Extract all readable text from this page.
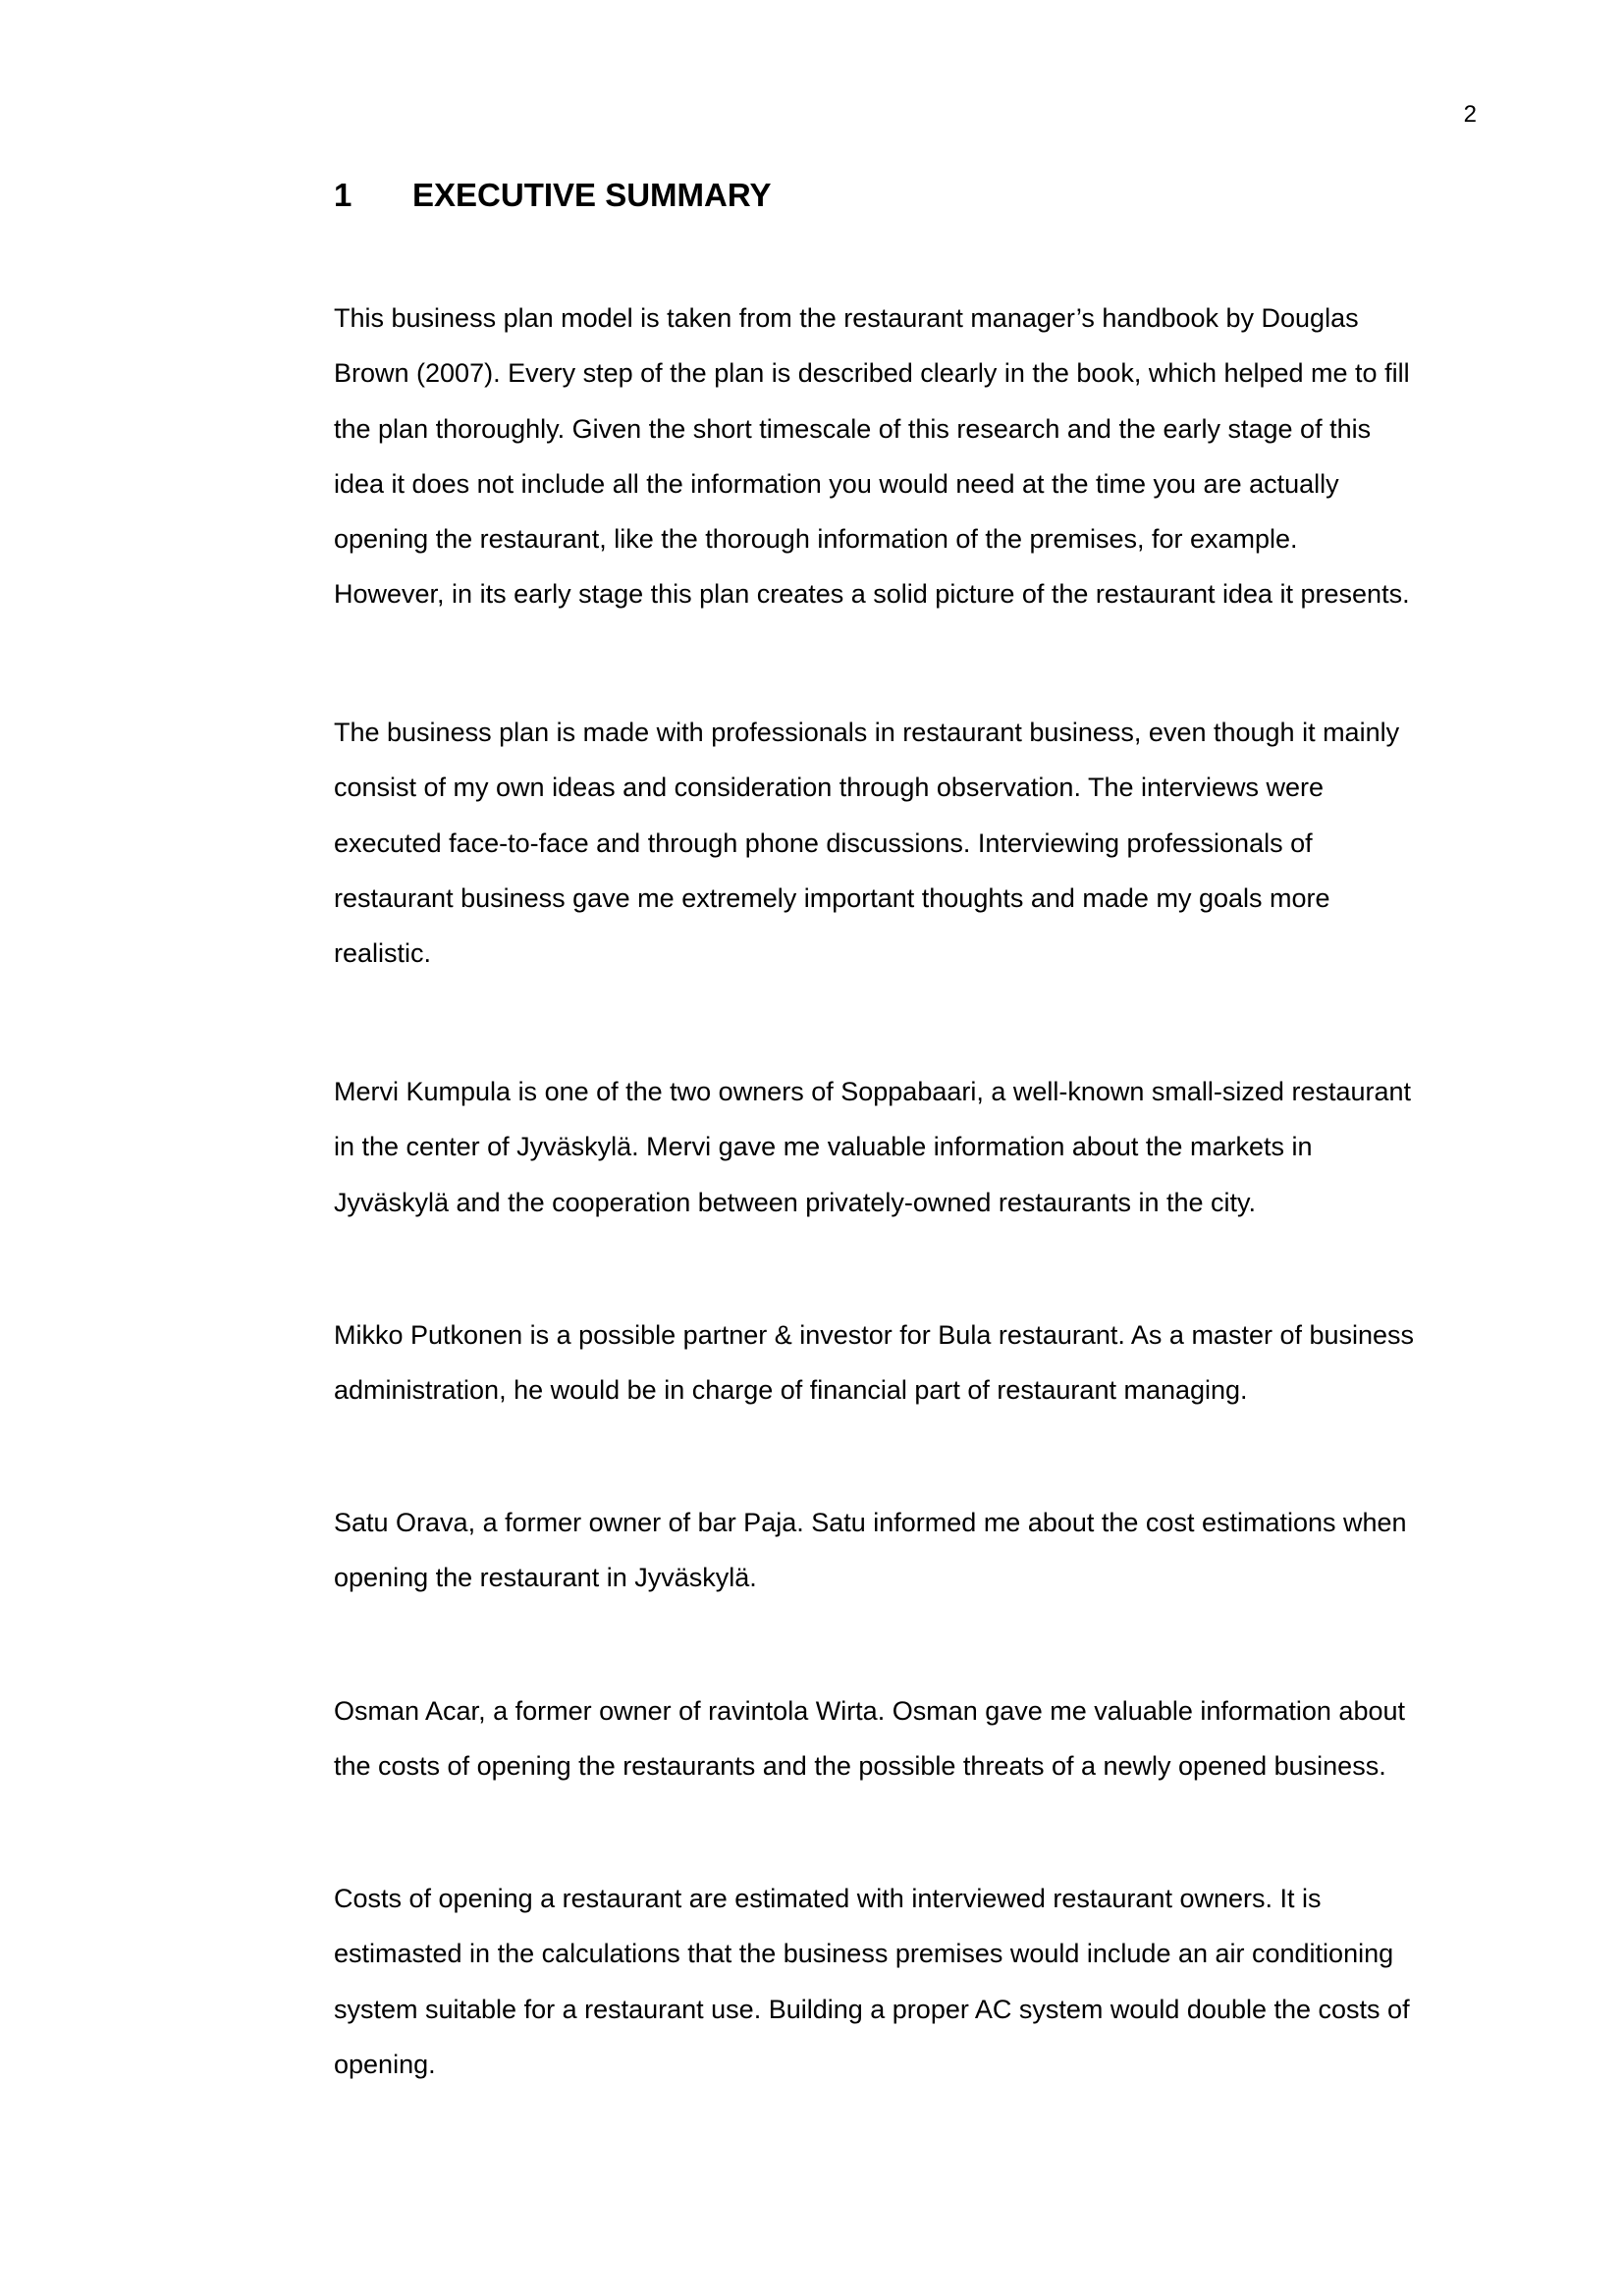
2
1 EXECUTIVE SUMMARY

This business plan model is taken from the restaurant manager’s handbook by Douglas
Brown (2007). Every step of the plan is described clearly in the book, which helped me to fill
the plan thoroughly. Given the short timescale of this research and the early stage of this
idea it does not include all the information you would need at the time you are actually
opening the restaurant, like the thorough information of the premises, for example.
However, in its early stage this plan creates a solid picture of the restaurant idea it presents.

The business plan is made with professionals in restaurant business, even though it mainly
consist of my own ideas and consideration through observation. The interviews were
executed face-to-face and through phone discussions. Interviewing professionals of
restaurant business gave me extremely important thoughts and made my goals more
realistic.

Mervi Kumpula is one of the two owners of Soppabaari, a well-known small-sized restaurant
in the center of Jyväskylä. Mervi gave me valuable information about the markets in
Jyväskylä and the cooperation between privately-owned restaurants in the city.

Mikko Putkonen is a possible partner & investor for Bula restaurant. As a master of business
administration, he would be in charge of financial part of restaurant managing.

Satu Orava, a former owner of bar Paja. Satu informed me about the cost estimations when
opening the restaurant in Jyväskylä.

Osman Acar, a former owner of ravintola Wirta. Osman gave me valuable information about
the costs of opening the restaurants and the possible threats of a newly opened business.

Costs of opening a restaurant are estimated with interviewed restaurant owners. It is
estimasted in the calculations that the business premises would include an air conditioning
system suitable for a restaurant use. Building a proper AC system would double the costs of
opening.
